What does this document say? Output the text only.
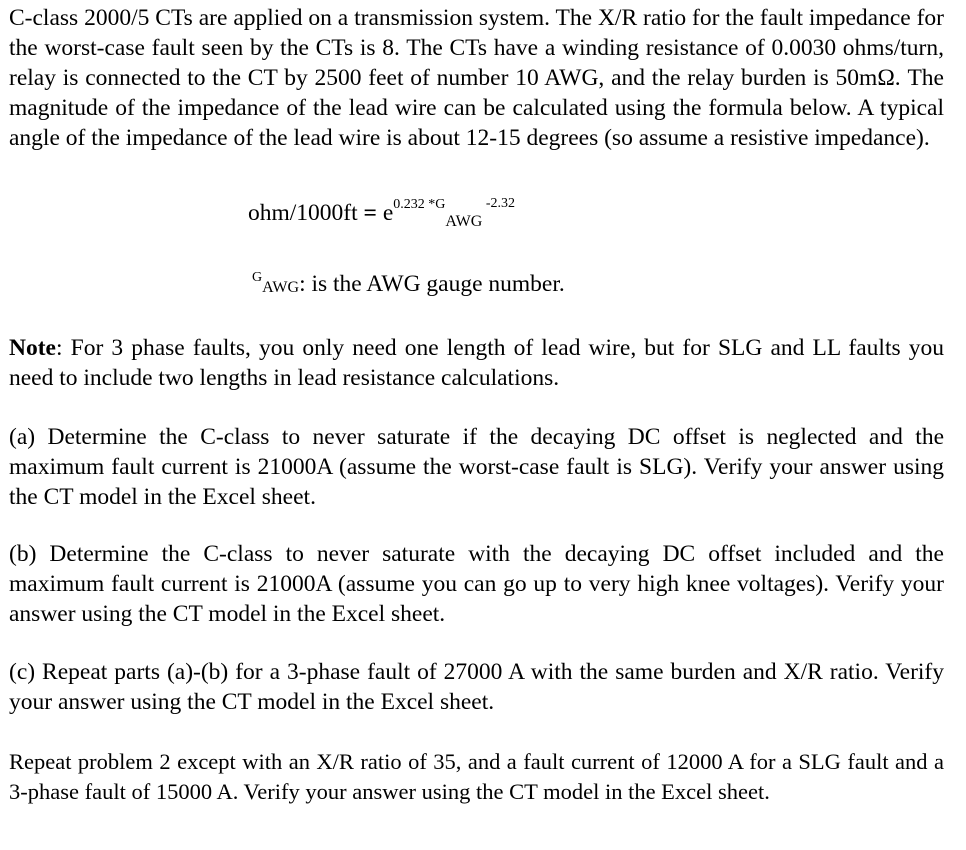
C-class 2000/5 CTs are applied on a transmission system. The X/R ratio for the fault impedance for the worst-case fault seen by the CTs is 8. The CTs have a winding resistance of 0.0030 ohms/turn, relay is connected to the CT by 2500 feet of number 10 AWG, and the relay burden is 50mΩ. The magnitude of the impedance of the lead wire can be calculated using the formula below. A typical angle of the impedance of the lead wire is about 12-15 degrees (so assume a resistive impedance).

$ohm/1000ft = e^{0.232 *G}_{AWG}$ $^{-2.32}$
$^G$AWG: is the AWG gauge number.

Note: For 3 phase faults, you only need one length of lead wire, but for SLG and LL faults you need to include two lengths in lead resistance calculations.

(a) Determine the C-class to never saturate if the decaying DC offset is neglected and the maximum fault current is 21000A (assume the worst-case fault is SLG). Verify your answer using the CT model in the Excel sheet.

(b) Determine the C-class to never saturate with the decaying DC offset included and the maximum fault current is 21000A (assume you can go up to very high knee voltages). Verify your answer using the CT model in the Excel sheet.

(c) Repeat parts (a)-(b) for a 3-phase fault of 27000 A with the same burden and X/R ratio. Verify your answer using the CT model in the Excel sheet.

Repeat problem 2 except with an X/R ratio of 35, and a fault current of 12000 A for a SLG fault and a 3-phase fault of 15000 A. Verify your answer using the CT model in the Excel sheet.
